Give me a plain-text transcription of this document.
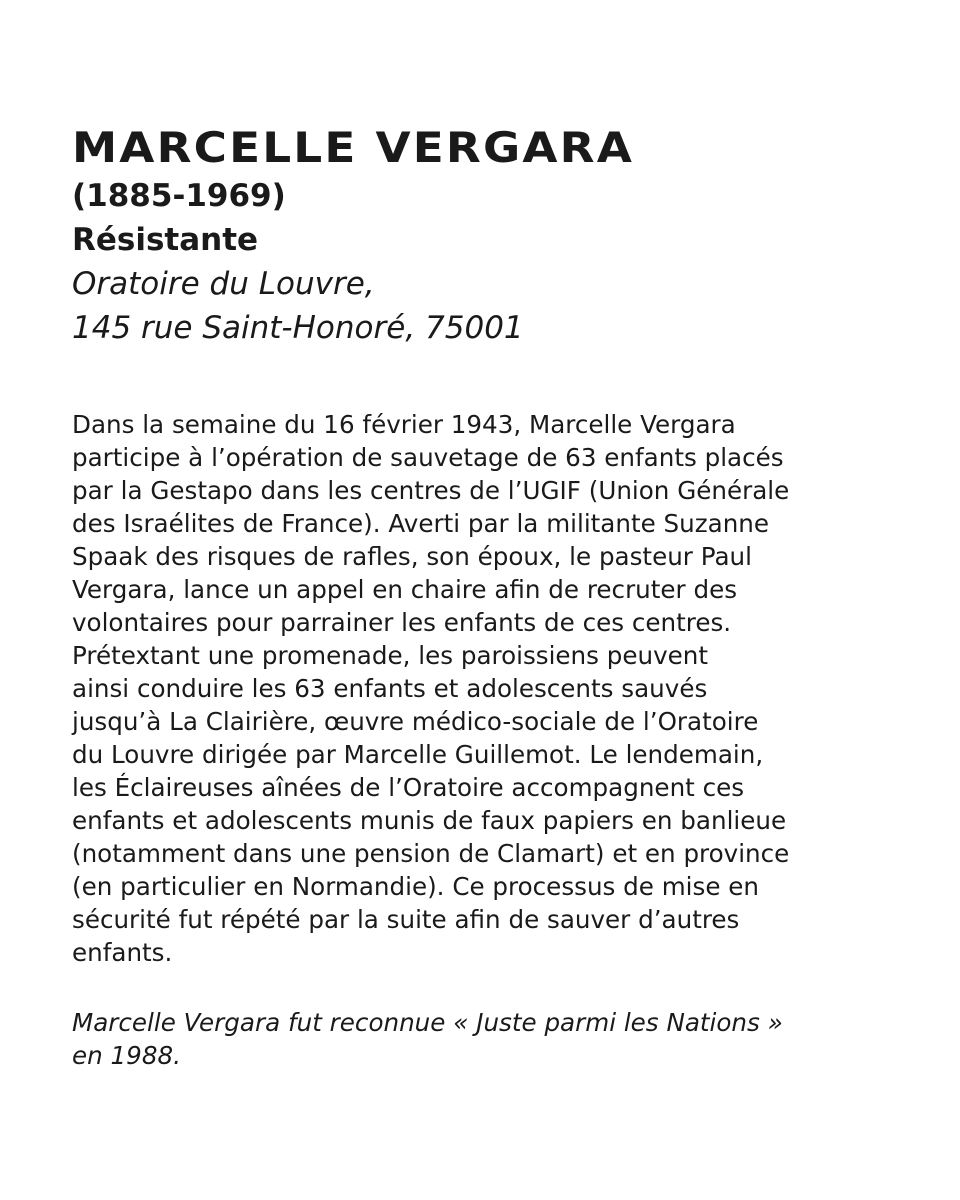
MARCELLE VERGARA
(1885-1969)
Résistante
Oratoire du Louvre,
145 rue Saint-Honoré, 75001
Dans la semaine du 16 février 1943, Marcelle Vergara
participe à l’opération de sauvetage de 63 enfants placés
par la Gestapo dans les centres de l’UGIF (Union Générale
des Israélites de France). Averti par la militante Suzanne
Spaak des risques de rafles, son époux, le pasteur Paul
Vergara, lance un appel en chaire afin de recruter des
volontaires pour parrainer les enfants de ces centres.
Prétextant une promenade, les paroissiens peuvent
ainsi conduire les 63 enfants et adolescents sauvés
jusqu’à La Clairière, œuvre médico-sociale de l’Oratoire
du Louvre dirigée par Marcelle Guillemot. Le lendemain,
les Éclaireuses aînées de l’Oratoire accompagnent ces
enfants et adolescents munis de faux papiers en banlieue
(notamment dans une pension de Clamart) et en province
(en particulier en Normandie). Ce processus de mise en
sécurité fut répété par la suite afin de sauver d’autres
enfants.
Marcelle Vergara fut reconnue « Juste parmi les Nations »
en 1988.
